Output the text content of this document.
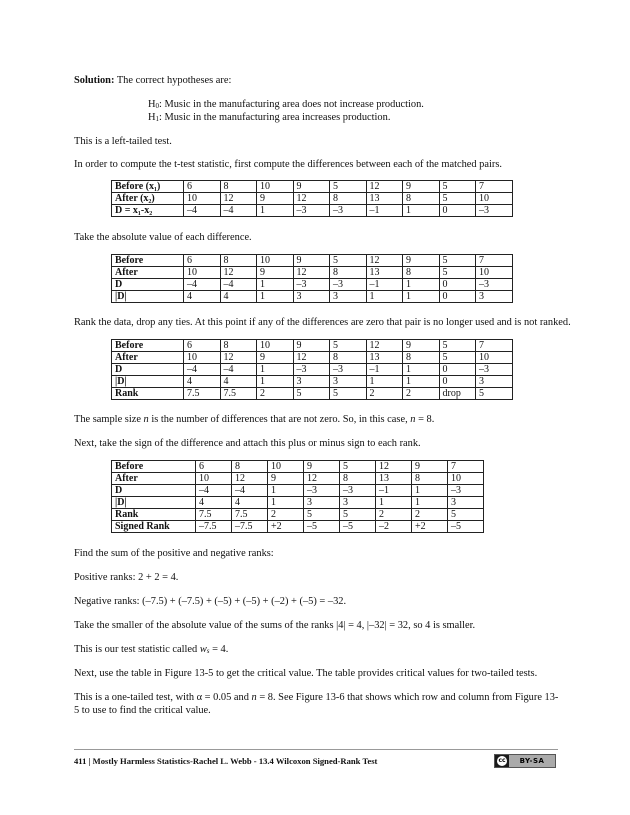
Solution: The correct hypotheses are:

$H_0$: Music in the manufacturing area does not increase production.

$H_1$: Music in the manufacturing area increases production.

This is a left-tailed test.

In order to compute the t-test statistic, first compute the differences between each of the matched pairs.

Before (x₁)	6	8	10	9	5	12	9	5	7
After (x₂)	10	12	9	12	8	13	8	5	10
D = x₁-x₂	–4	–4	1	–3	–3	–1	1	0	–3

Take the absolute value of each difference.

Before	6	8	10	9	5	12	9	5	7
After	10	12	9	12	8	13	8	5	10
D	–4	–4	1	–3	–3	–1	1	0	–3
|D|	4	4	1	3	3	1	1	0	3

Rank the data, drop any ties. At this point if any of the differences are zero that pair is no longer used and is not ranked.

Before	6	8	10	9	5	12	9	5	7
After	10	12	9	12	8	13	8	5	10
D	–4	–4	1	–3	–3	–1	1	0	–3
|D|	4	4	1	3	3	1	1	0	3
Rank	7.5	7.5	2	5	5	2	2	drop	5

The sample size n is the number of differences that are not zero. So, in this case, n = 8.

Next, take the sign of the difference and attach this plus or minus sign to each rank.

Before	6	8	10	9	5	12	9	7
After	10	12	9	12	8	13	8	10
D	–4	–4	1	–3	–3	–1	1	–3
|D|	4	4	1	3	3	1	1	3
Rank	7.5	7.5	2	5	5	2	2	5
Signed Rank	–7.5	–7.5	+2	–5	–5	–2	+2	–5

Find the sum of the positive and negative ranks:

Positive ranks: 2 + 2 = 4.

Negative ranks: (–7.5) + (–7.5) + (–5) + (–5) + (–2) + (–5) = –32.

Take the smaller of the absolute value of the sums of the ranks |4| = 4, |–32| = 32, so 4 is smaller.

This is our test statistic called $w_s = 4$.

Next, use the table in Figure 13-5 to get the critical value. The table provides critical values for two-tailed tests.

This is a one-tailed test, with α = 0.05 and n = 8. See Figure 13-6 that shows which row and column from Figure 13-

5 to use to find the critical value.

411 | Mostly Harmless Statistics-Rachel L. Webb - 13.4 Wilcoxon Signed-Rank Test	cc	BY-SA
